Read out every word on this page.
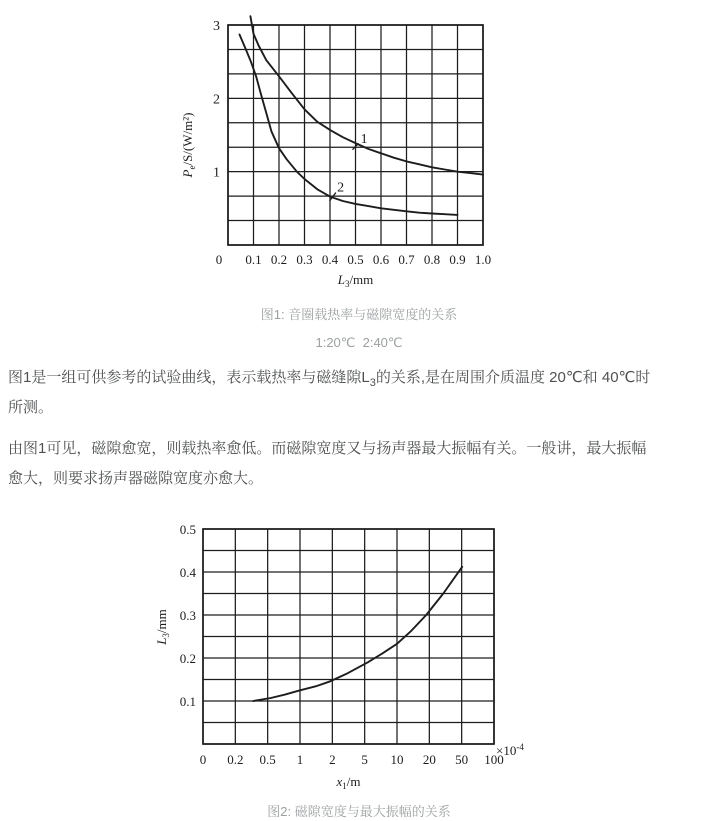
0 0.1 0.2 0.3 0.4 0.5 0.6 0.7 0.8 0.9 1.0
1
2
3
1
2
$L_3/mm$
$P_e/S/(W/m^2)$
图1: 音圈载热率与磁隙宽度的关系
1:20℃  2:40℃
图1是一组可供参考的试验曲线，表示载热率与磁缝隙$L_3$的关系,是在周围介质温度 20℃和 40℃时
所测。
由图1可见，磁隙愈宽，则载热率愈低。而磁隙宽度又与扬声器最大振幅有关。一般讲，最大振幅
愈大，则要求扬声器磁隙宽度亦愈大。
0 0.2 0.5 1 2 5 10 20 50 100
0.1
0.2
0.3
0.4
0.5
$\times 10^{-4}$
$x_1/m$
$L_3/mm$
图2: 磁隙宽度与最大振幅的关系
